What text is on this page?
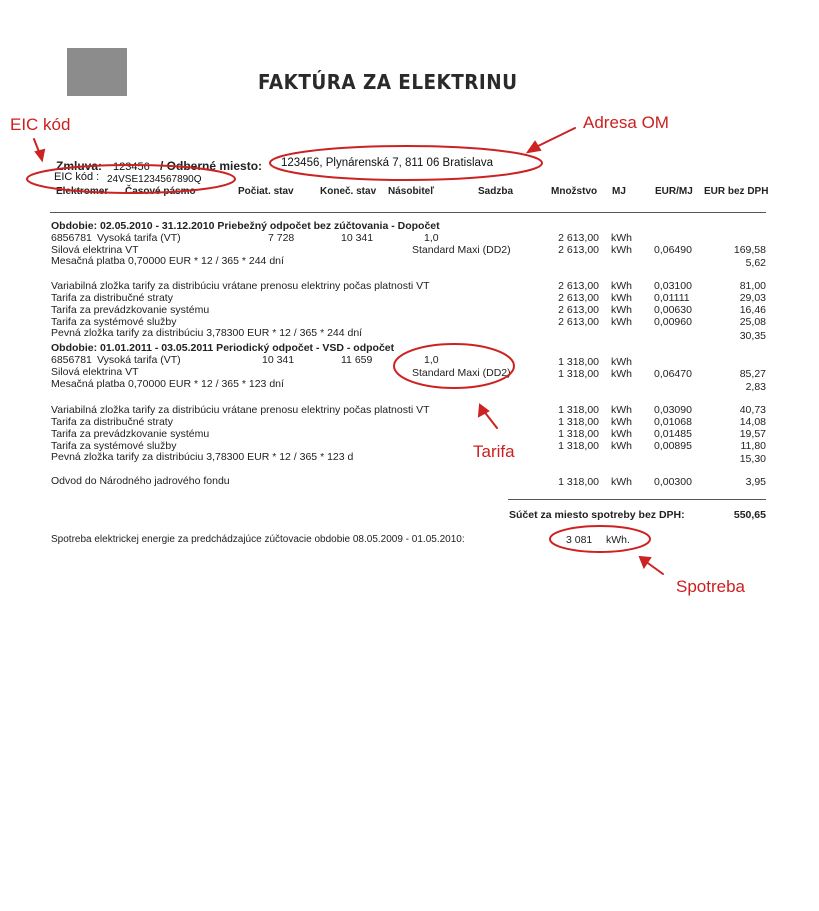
FAKTÚRA ZA ELEKTRINU
EIC kód	Adresa OM
Tarifa
Spotreba
Zmluva: 123456 / Odberné miesto: 123456, Plynárenská 7, 811 06 Bratislava
EIC kód : 24VSE1234567890Q
Elektromer Časové pásmo	Počiat. stav	Koneč. stav Násobiteľ	Sadzba	Množstvo MJ	EUR/MJ EUR bez DPH
Obdobie: 02.05.2010 - 31.12.2010 Priebežný odpočet bez zúčtovania - Dopočet
6856781 Vysoká tarifa (VT)	7 728	10 341	1,0	2 613,00 kWh
Silová elektrina VT	Standard Maxi (DD2)	2 613,00 kWh 0,06490	169,58
Mesačná platba 0,70000 EUR * 12 / 365 * 244 dní	5,62
Variabilná zložka tarify za distribúciu vrátane prenosu elektriny počas platnosti VT	2 613,00 kWh 0,03100	81,00
Tarifa za distribučné straty	2 613,00 kWh 0,01111	29,03
Tarifa za prevádzkovanie systému	2 613,00 kWh 0,00630	16,46
Tarifa za systémové služby	2 613,00 kWh 0,00960	25,08
Pevná zložka tarify za distribúciu 3,78300 EUR * 12 / 365 * 244 dní	30,35
Obdobie: 01.01.2011 - 03.05.2011 Periodický odpočet - VSD - odpočet
6856781 Vysoká tarifa (VT)	10 341	11 659	1,0	1 318,00 kWh
Silová elektrina VT	Standard Maxi (DD2)	1 318,00 kWh 0,06470	85,27
Mesačná platba 0,70000 EUR * 12 / 365 * 123 dní	2,83
Variabilná zložka tarify za distribúciu vrátane prenosu elektriny počas platnosti VT	1 318,00 kWh 0,03090	40,73
Tarifa za distribučné straty	1 318,00 kWh 0,01068	14,08
Tarifa za prevádzkovanie systému	1 318,00 kWh 0,01485	19,57
Tarifa za systémové služby	1 318,00 kWh 0,00895	11,80
Pevná zložka tarify za distribúciu 3,78300 EUR * 12 / 365 * 123 d	15,30
Odvod do Národného jadrového fondu	1 318,00 kWh 0,00300	3,95
Súčet za miesto spotreby bez DPH:	550,65
Spotreba elektrickej energie za predchádzajúce zúčtovacie obdobie 08.05.2009 - 01.05.2010:	3 081 kWh.
